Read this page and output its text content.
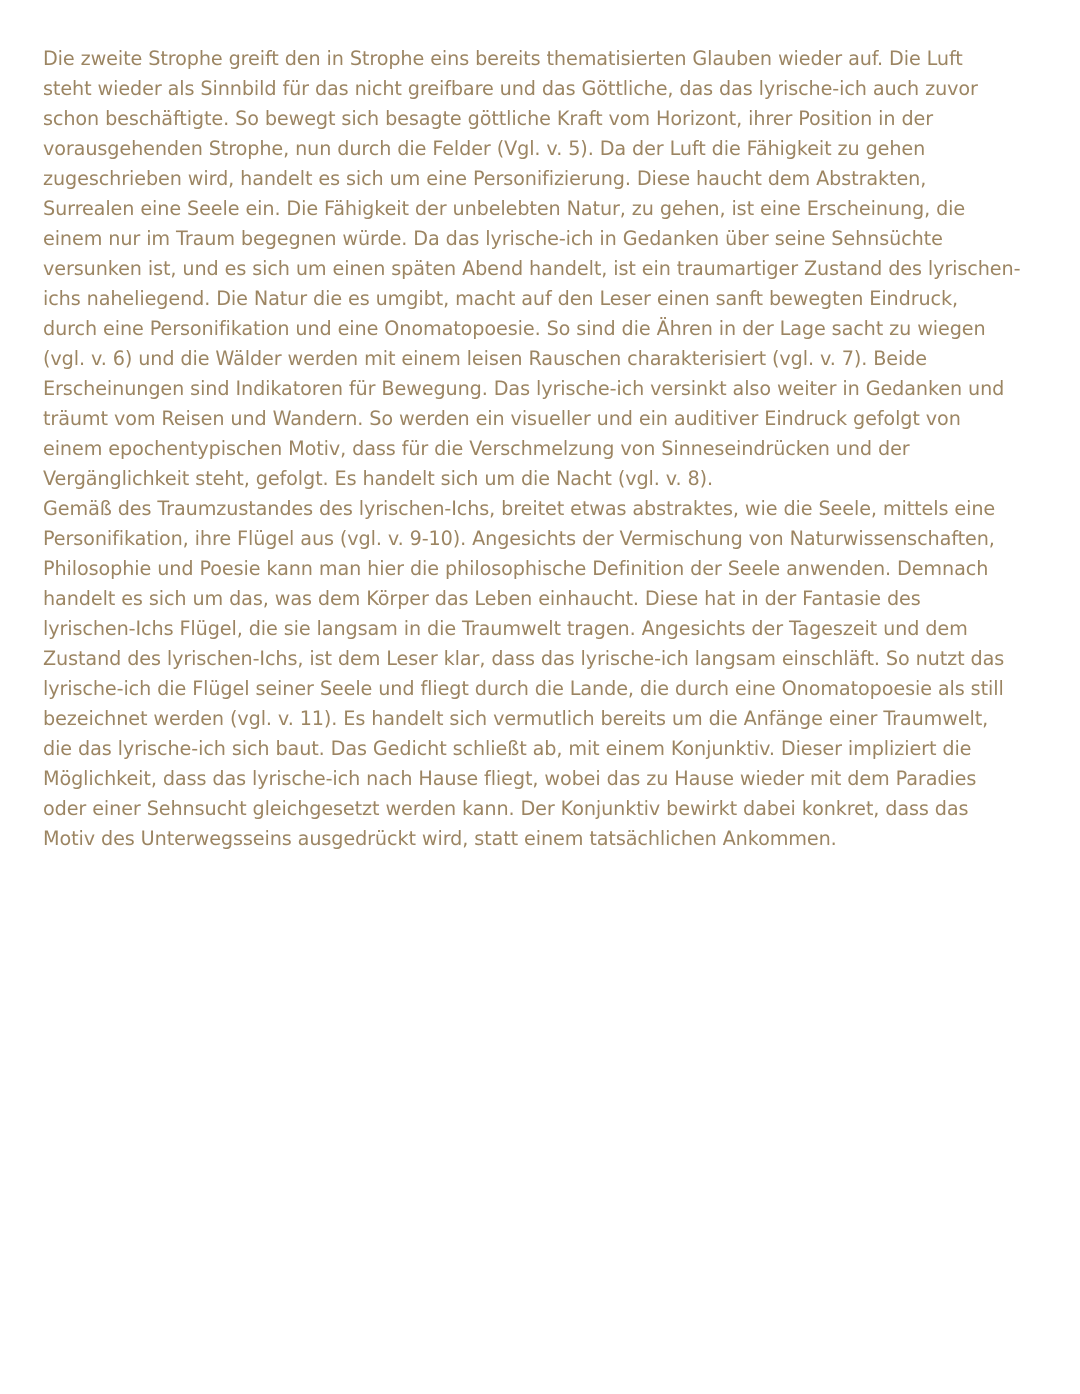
Die zweite Strophe greift den in Strophe eins bereits thematisierten Glauben wieder auf. Die Luft
steht wieder als Sinnbild für das nicht greifbare und das Göttliche, das das lyrische-ich auch zuvor
schon beschäftigte. So bewegt sich besagte göttliche Kraft vom Horizont, ihrer Position in der
vorausgehenden Strophe, nun durch die Felder (Vgl. v. 5). Da der Luft die Fähigkeit zu gehen
zugeschrieben wird, handelt es sich um eine Personifizierung. Diese haucht dem Abstrakten,
Surrealen eine Seele ein. Die Fähigkeit der unbelebten Natur, zu gehen, ist eine Erscheinung, die
einem nur im Traum begegnen würde. Da das lyrische-ich in Gedanken über seine Sehnsüchte
versunken ist, und es sich um einen späten Abend handelt, ist ein traumartiger Zustand des lyrischen-
ichs naheliegend. Die Natur die es umgibt, macht auf den Leser einen sanft bewegten Eindruck,
durch eine Personifikation und eine Onomatopoesie. So sind die Ähren in der Lage sacht zu wiegen
(vgl. v. 6) und die Wälder werden mit einem leisen Rauschen charakterisiert (vgl. v. 7). Beide
Erscheinungen sind Indikatoren für Bewegung. Das lyrische-ich versinkt also weiter in Gedanken und
träumt vom Reisen und Wandern. So werden ein visueller und ein auditiver Eindruck gefolgt von
einem epochentypischen Motiv, dass für die Verschmelzung von Sinneseindrücken und der
Vergänglichkeit steht, gefolgt. Es handelt sich um die Nacht (vgl. v. 8).
Gemäß des Traumzustandes des lyrischen-Ichs, breitet etwas abstraktes, wie die Seele, mittels eine
Personifikation, ihre Flügel aus (vgl. v. 9-10). Angesichts der Vermischung von Naturwissenschaften,
Philosophie und Poesie kann man hier die philosophische Definition der Seele anwenden. Demnach
handelt es sich um das, was dem Körper das Leben einhaucht. Diese hat in der Fantasie des
lyrischen-Ichs Flügel, die sie langsam in die Traumwelt tragen. Angesichts der Tageszeit und dem
Zustand des lyrischen-Ichs, ist dem Leser klar, dass das lyrische-ich langsam einschläft. So nutzt das
lyrische-ich die Flügel seiner Seele und fliegt durch die Lande, die durch eine Onomatopoesie als still
bezeichnet werden (vgl. v. 11). Es handelt sich vermutlich bereits um die Anfänge einer Traumwelt,
die das lyrische-ich sich baut. Das Gedicht schließt ab, mit einem Konjunktiv. Dieser impliziert die
Möglichkeit, dass das lyrische-ich nach Hause fliegt, wobei das zu Hause wieder mit dem Paradies
oder einer Sehnsucht gleichgesetzt werden kann. Der Konjunktiv bewirkt dabei konkret, dass das
Motiv des Unterwegsseins ausgedrückt wird, statt einem tatsächlichen Ankommen.
